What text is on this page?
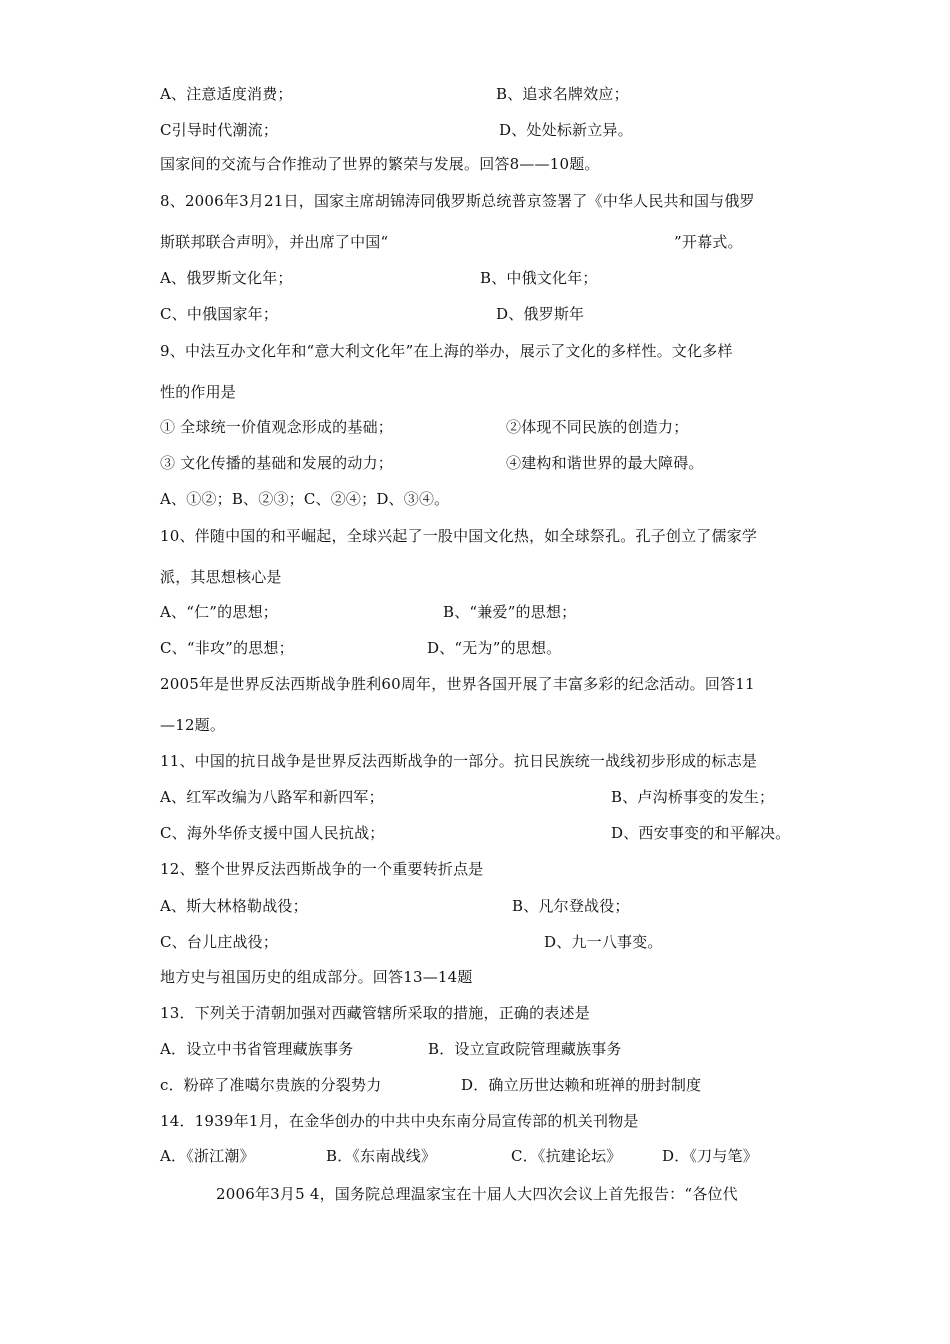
A、注意适度消费；	B、追求名牌效应；
C引导时代潮流；	D、处处标新立异。
国家间的交流与合作推动了世界的繁荣与发展。回答8——10题。
8、2006年3月21日，国家主席胡锦涛同俄罗斯总统普京签署了《中华人民共和国与俄罗
斯联邦联合声明》，并出席了中国“	”开幕式。
A、俄罗斯文化年；	B、中俄文化年；
C、中俄国家年；	D、俄罗斯年
9、中法互办文化年和“意大利文化年”在上海的举办，展示了文化的多样性。文化多样
性的作用是
① 全球统一价值观念形成的基础；	②体现不同民族的创造力；
③ 文化传播的基础和发展的动力；	④建构和谐世界的最大障碍。
A、①②；B、②③；C、②④；D、③④。
10、伴随中国的和平崛起，全球兴起了一股中国文化热，如全球祭孔。孔子创立了儒家学
派，其思想核心是
A、“仁”的思想；	B、“兼爱”的思想；
C、“非攻”的思想；	D、“无为”的思想。
2005年是世界反法西斯战争胜利60周年，世界各国开展了丰富多彩的纪念活动。回答11
—12题。
11、中国的抗日战争是世界反法西斯战争的一部分。抗日民族统一战线初步形成的标志是
A、红军改编为八路军和新四军；	B、卢沟桥事变的发生；
C、海外华侨支援中国人民抗战；	D、西安事变的和平解决。
12、整个世界反法西斯战争的一个重要转折点是
A、斯大林格勒战役；	B、凡尔登战役；
C、台儿庄战役；	D、九一八事变。
地方史与祖国历史的组成部分。回答13—14题
13．下列关于清朝加强对西藏管辖所采取的措施，正确的表述是
A．设立中书省管理藏族事务	B．设立宣政院管理藏族事务
c．粉碎了准噶尔贵族的分裂势力	D．确立历世达赖和班禅的册封制度
14．1939年1月，在金华创办的中共中央东南分局宣传部的机关刊物是
A．《浙江潮》	B．《东南战线》	C．《抗建论坛》	D．《刀与笔》
2006年3月5 4，国务院总理温家宝在十届人大四次会议上首先报告：“各位代
